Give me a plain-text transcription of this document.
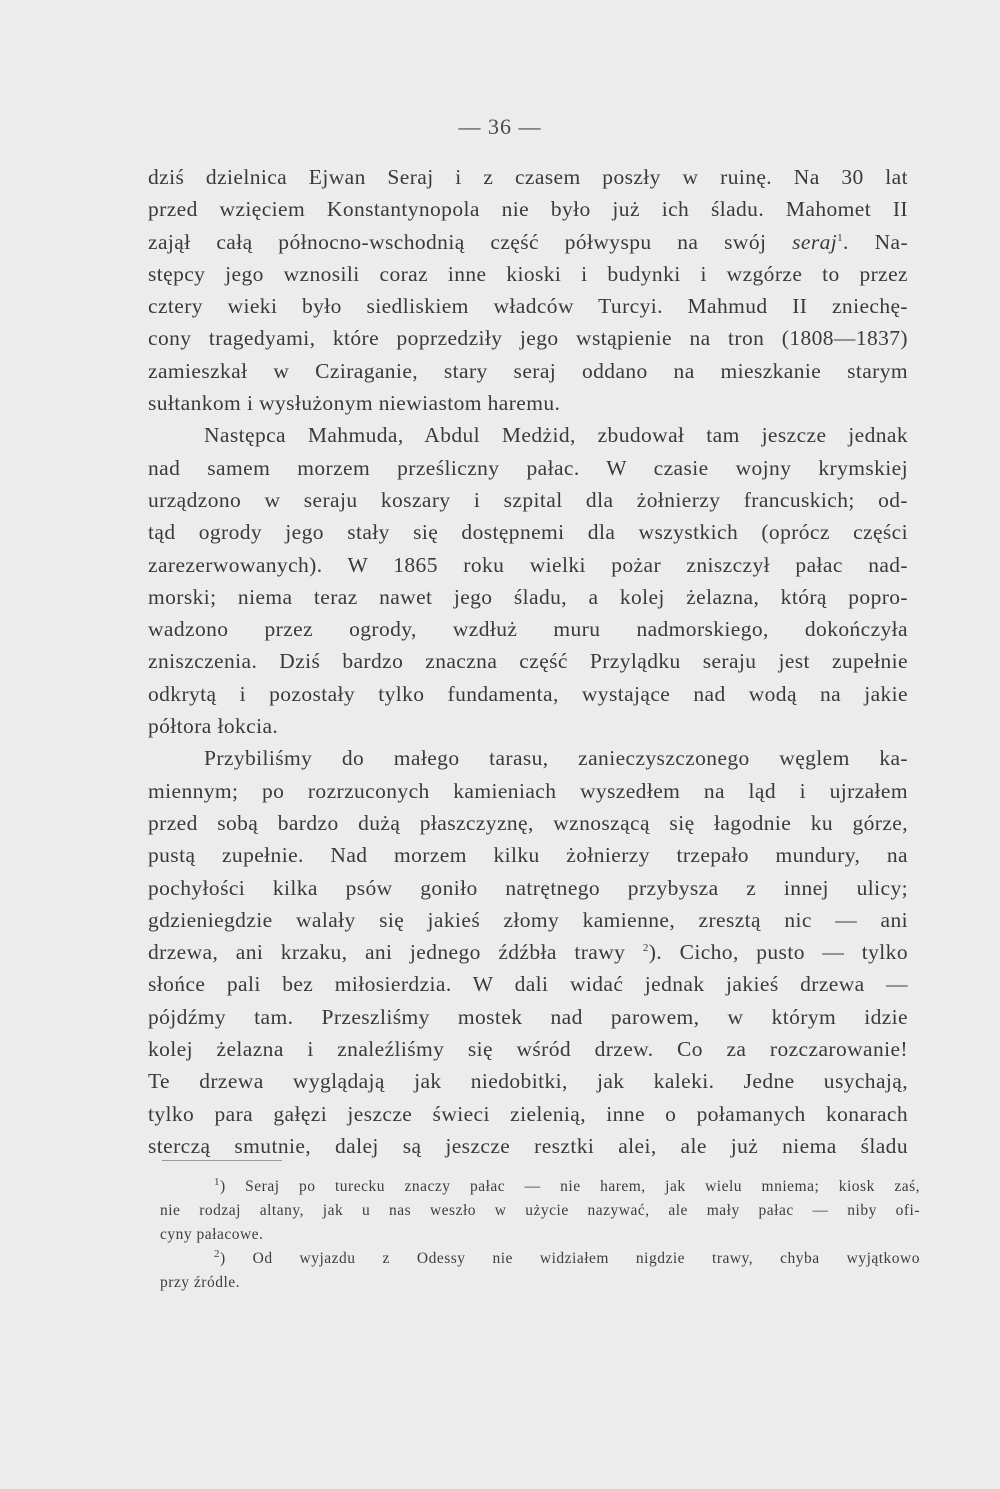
— 36 —
dziś dzielnica Ejwan Seraj i z czasem poszły w ruinę. Na 30 lat
przed wzięciem Konstantynopola nie było już ich śladu. Mahomet II
zajął całą północno-wschodnią część półwyspu na swój seraj$^1$. Na-
stępcy jego wznosili coraz inne kioski i budynki i wzgórze to przez
cztery wieki było siedliskiem władców Turcyi. Mahmud II zniechę-
cony tragedyami, które poprzedziły jego wstąpienie na tron (1808—1837)
zamieszkał w Cziraganie, stary seraj oddano na mieszkanie starym
sułtankom i wysłużonym niewiastom haremu.
Następca Mahmuda, Abdul Medżid, zbudował tam jeszcze jednak
nad samem morzem prześliczny pałac. W czasie wojny krymskiej
urządzono w seraju koszary i szpital dla żołnierzy francuskich; od-
tąd ogrody jego stały się dostępnemi dla wszystkich (oprócz części
zarezerwowanych). W 1865 roku wielki pożar zniszczył pałac nad-
morski; niema teraz nawet jego śladu, a kolej żelazna, którą popro-
wadzono przez ogrody, wzdłuż muru nadmorskiego, dokończyła
zniszczenia. Dziś bardzo znaczna część Przylądku seraju jest zupełnie
odkrytą i pozostały tylko fundamenta, wystające nad wodą na jakie
półtora łokcia.
Przybiliśmy do małego tarasu, zanieczyszczonego węglem ka-
miennym; po rozrzuconych kamieniach wyszedłem na ląd i ujrzałem
przed sobą bardzo dużą płaszczyznę, wznoszącą się łagodnie ku górze,
pustą zupełnie. Nad morzem kilku żołnierzy trzepało mundury, na
pochyłości kilka psów goniło natrętnego przybysza z innej ulicy;
gdzieniegdzie walały się jakieś złomy kamienne, zresztą nic — ani
drzewa, ani krzaku, ani jednego źdźbła trawy $^2$). Cicho, pusto — tylko
słońce pali bez miłosierdzia. W dali widać jednak jakieś drzewa —
pójdźmy tam. Przeszliśmy mostek nad parowem, w którym idzie
kolej żelazna i znaleźliśmy się wśród drzew. Co za rozczarowanie!
Te drzewa wyglądają jak niedobitki, jak kaleki. Jedne usychają,
tylko para gałęzi jeszcze świeci zielenią, inne o połamanych konarach
sterczą smutnie, dalej są jeszcze resztki alei, ale już niema śladu
$^1$) Seraj po turecku znaczy pałac — nie harem, jak wielu mniema; kiosk zaś,
nie rodzaj altany, jak u nas weszło w użycie nazywać, ale mały pałac — niby ofi-
cyny pałacowe.
$^2$) Od wyjazdu z Odessy nie widziałem nigdzie trawy, chyba wyjątkowo
przy źródle.
